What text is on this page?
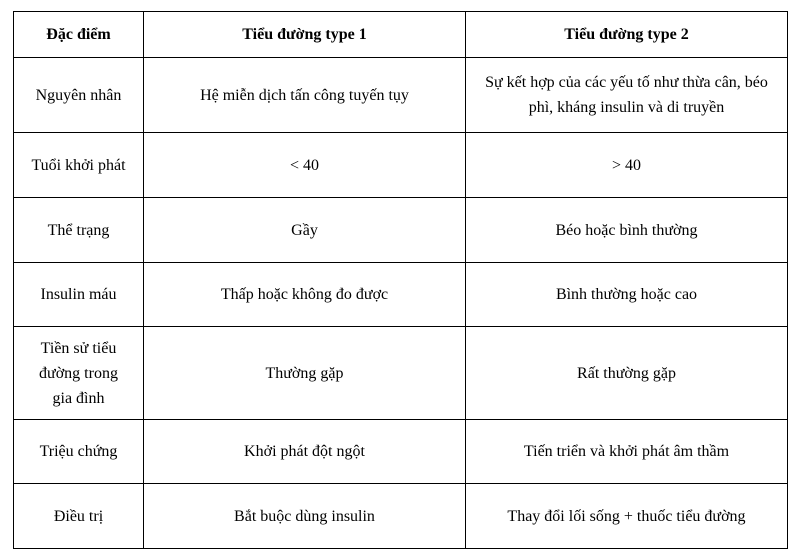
Đặc điểm	Tiểu đường type 1	Tiểu đường type 2
Nguyên nhân	Hệ miễn dịch tấn công tuyến tụy	Sự kết hợp của các yếu tố như thừa cân, béo phì, kháng insulin và di truyền
Tuổi khởi phát	< 40	> 40
Thể trạng	Gầy	Béo hoặc bình thường
Insulin máu	Thấp hoặc không đo được	Bình thường hoặc cao
Tiền sử tiểu đường trong gia đình	Thường gặp	Rất thường gặp
Triệu chứng	Khởi phát đột ngột	Tiến triển và khởi phát âm thầm
Điều trị	Bắt buộc dùng insulin	Thay đổi lối sống + thuốc tiểu đường
